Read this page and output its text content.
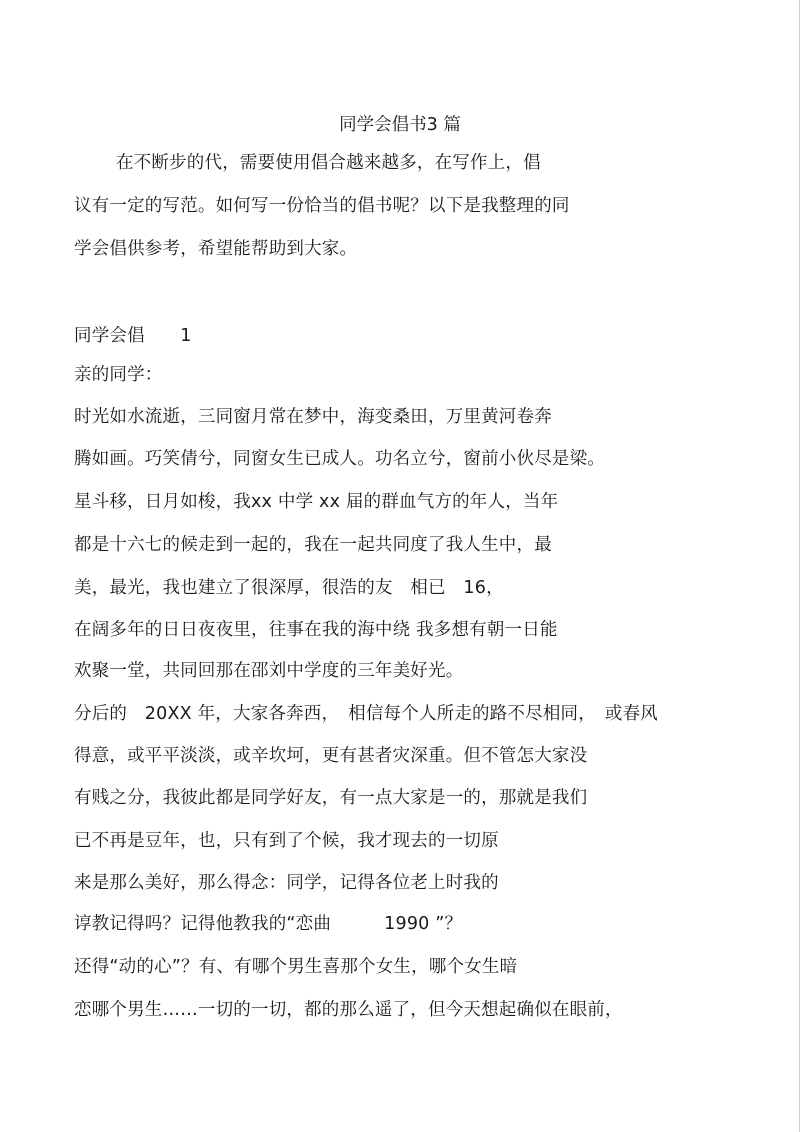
同学会倡书3 篇
在不断步的代，需要使用倡合越来越多，在写作上，倡
议有一定的写范。如何写一份恰当的倡书呢？以下是我整理的同
学会倡供参考，希望能帮助到大家。
同学会倡　　1
亲的同学：
时光如水流逝，三同窗月常在梦中，海变桑田，万里黄河卷奔
腾如画。巧笑倩兮，同窗女生已成人。功名立兮，窗前小伙尽是梁。
星斗移，日月如梭，我xx 中学 xx 届的群血气方的年人，当年
都是十六七的候走到一起的，我在一起共同度了我人生中，最
美，最光，我也建立了很深厚，很浩的友　相已　16，
在阔多年的日日夜夜里，往事在我的海中绕 我多想有朝一日能
欢聚一堂，共同回那在邵刘中学度的三年美好光。
分后的　20XX 年，大家各奔西，　相信每个人所走的路不尽相同，　或春风
得意，或平平淡淡，或辛坎坷，更有甚者灾深重。但不管怎大家没
有贱之分，我彼此都是同学好友，有一点大家是一的，那就是我们
已不再是豆年，也，只有到了个候，我才现去的一切原
来是那么美好，那么得念：同学，记得各位老上时我的
谆教记得吗？记得他教我的“恋曲　　　1990 ”？
还得“动的心”？有、有哪个男生喜那个女生，哪个女生暗
恋哪个男生……一切的一切，都的那么遥了，但今天想起确似在眼前，
